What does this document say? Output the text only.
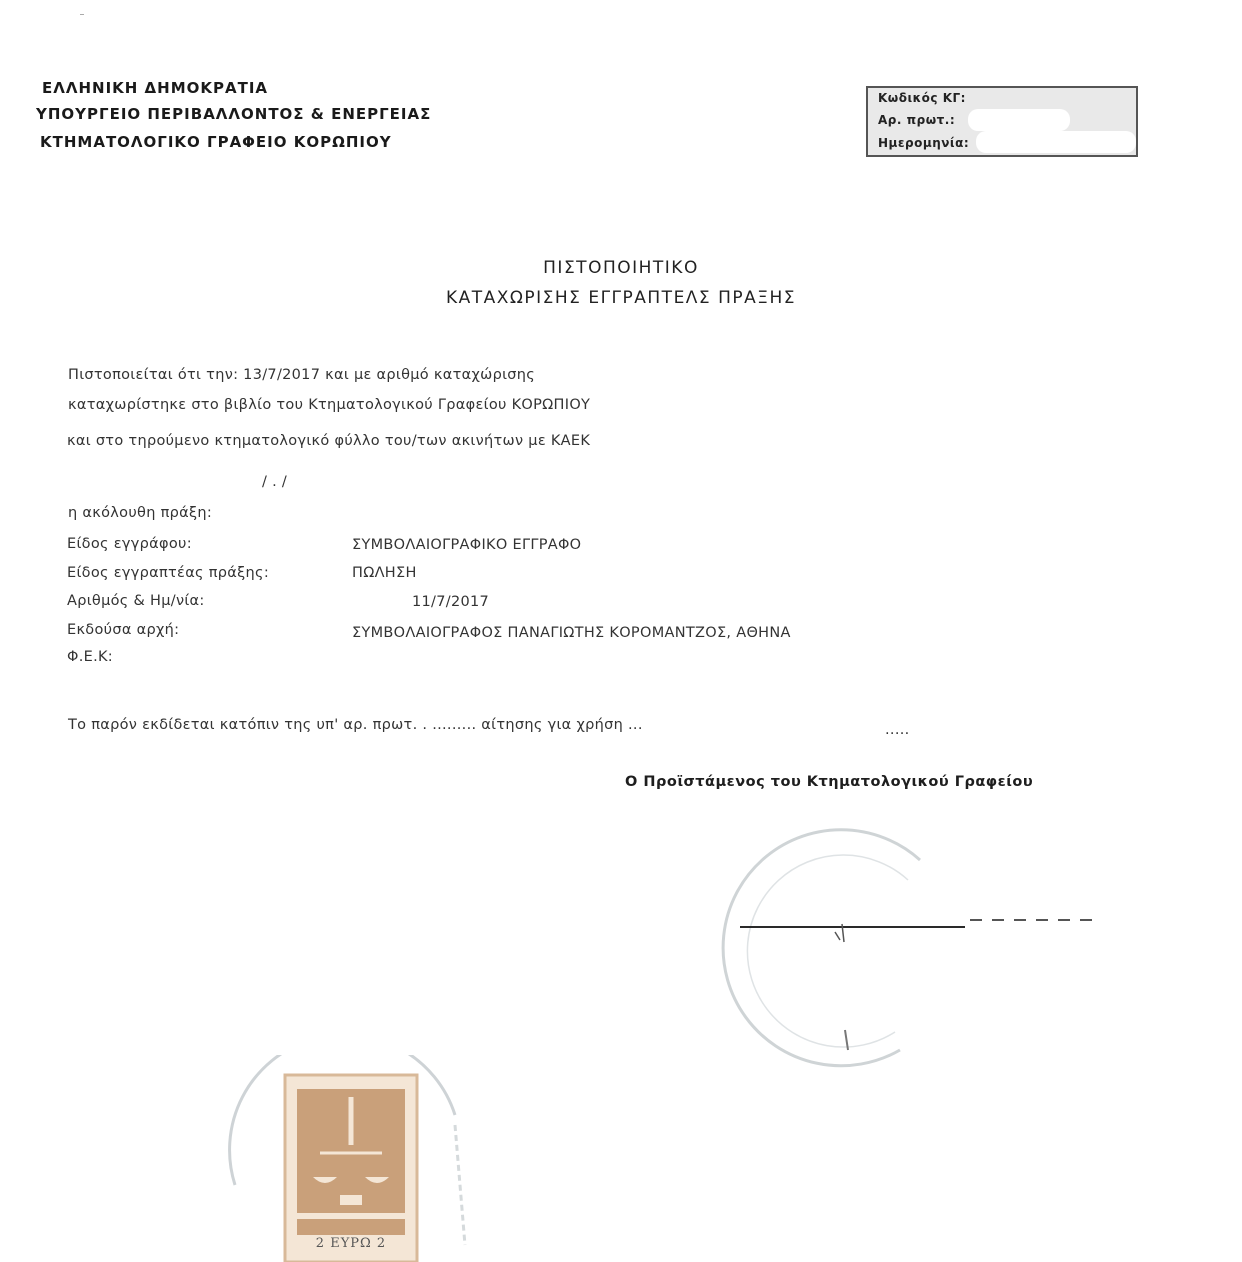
ΕΛΛΗΝΙΚΗ ΔΗΜΟΚΡΑΤΙΑ
ΥΠΟΥΡΓΕΙΟ ΠΕΡΙΒΑΛΛΟΝΤΟΣ & ΕΝΕΡΓΕΙΑΣ
ΚΤΗΜΑΤΟΛΟΓΙΚΟ ΓΡΑΦΕΙΟ ΚΟΡΩΠΙΟΥ
Κωδικός ΚΓ:
Αρ. πρωτ.:
Ημερομηνία:
ΠΙΣΤΟΠΟΙΗΤΙΚΟ
ΚΑΤΑΧΩΡΙΣΗΣ ΕΓΓΡΑΠΤΕΛΣ ΠΡΑΞΗΣ
Πιστοποιείται ότι την: 13/7/2017 και με αριθμό καταχώρισης
καταχωρίστηκε στο βιβλίο του Κτηματολογικού Γραφείου ΚΟΡΩΠΙΟΥ
και στο τηρούμενο κτηματολογικό φύλλο του/των ακινήτων με ΚΑΕΚ
/ . /
η ακόλουθη πράξη:
Είδος εγγράφου:	ΣΥΜΒΟΛΑΙΟΓΡΑΦΙΚΟ ΕΓΓΡΑΦΟ
Είδος εγγραπτέας πράξης:	ΠΩΛΗΣΗ
Αριθμός & Ημ/νία:	11/7/2017
Εκδούσα αρχή:	ΣΥΜΒΟΛΑΙΟΓΡΑΦΟΣ ΠΑΝΑΓΙΩΤΗΣ ΚΟΡΟΜΑΝΤΖΟΣ, ΑΘΗΝΑ
Φ.Ε.Κ:
Το παρόν εκδίδεται κατόπιν της υπ' αρ. πρωτ. . ......... αίτησης για χρήση ...	.....
Ο Προϊστάμενος του Κτηματολογικού Γραφείου
2 ΕΥΡΩ 2
